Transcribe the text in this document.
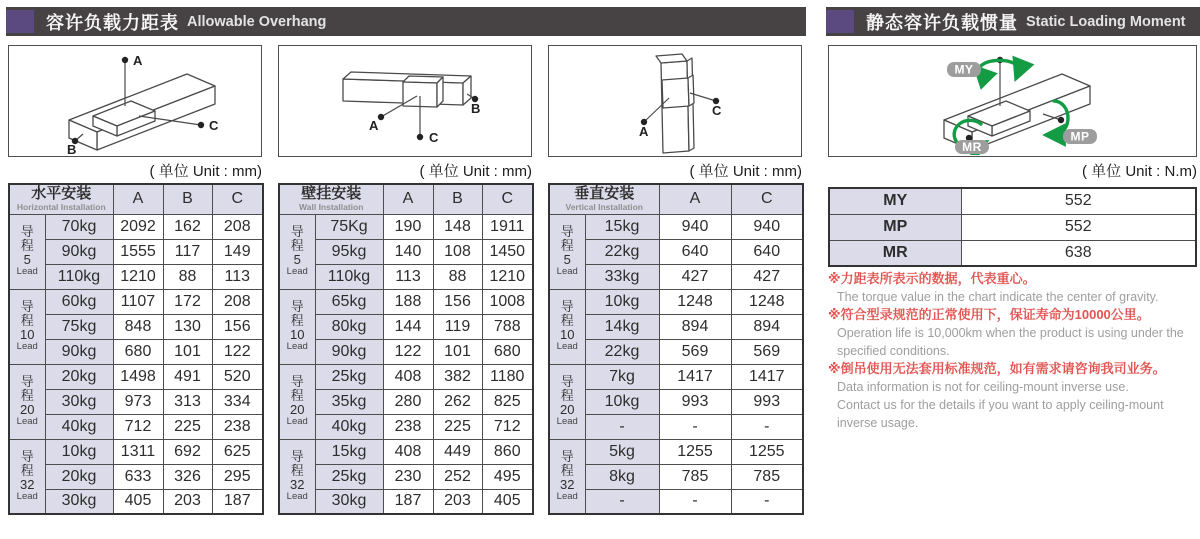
容许负载力距表 Allowable Overhang	静态容许负载惯量 Static Loading Moment
A
B
C
( 单位 Unit : mm)
A
B
C
( 单位 Unit : mm)
A
C
( 单位 Unit : mm)
MY
MP
MR
( 单位 Unit : N.m)
水平安装
Horizontal Installation		A	B	C

导
程
5
Lead	70kg	2092	162	208
	90kg	1555	117	149
	110kg	1210	88	113

导
程
10
Lead	60kg	1107	172	208
	75kg	848	130	156
	90kg	680	101	122

导
程
20
Lead	20kg	1498	491	520
	30kg	973	313	334
	40kg	712	225	238

导
程
32
Lead	10kg	1311	692	625
	20kg	633	326	295
	30kg	405	203	187
壁挂安装
Wall Installation		A	B	C

导
程
5
Lead	75Kg	190	148	1911
	95kg	140	108	1450
	110kg	113	88	1210

导
程
10
Lead	65kg	188	156	1008
	80kg	144	119	788
	90kg	122	101	680

导
程
20
Lead	25kg	408	382	1180
	35kg	280	262	825
	40kg	238	225	712

导
程
32
Lead	15kg	408	449	860
	25kg	230	252	495
	30kg	187	203	405
垂直安装
Vertical Installation		A	C

导
程
5
Lead	15kg	940	940
	22kg	640	640
	33kg	427	427

导
程
10
Lead	10kg	1248	1248
	14kg	894	894
	22kg	569	569

导
程
20
Lead	7kg	1417	1417
	10kg	993	993
	-	-	-

导
程
32
Lead	5kg	1255	1255
	8kg	785	785
	-	-	-
MY	552
MP	552
MR	638
※力距表所表示的数据，代表重心。
The torque value in the chart indicate the center of gravity.
※符合型录规范的正常使用下，保证寿命为10000公里。
Operation life is 10,000km when the product is using under the
specified conditions.
※倒吊使用无法套用标准规范，如有需求请咨询我司业务。
Data information is not for ceiling-mount inverse use.
Contact us for the details if you want to apply ceiling-mount
inverse usage.
